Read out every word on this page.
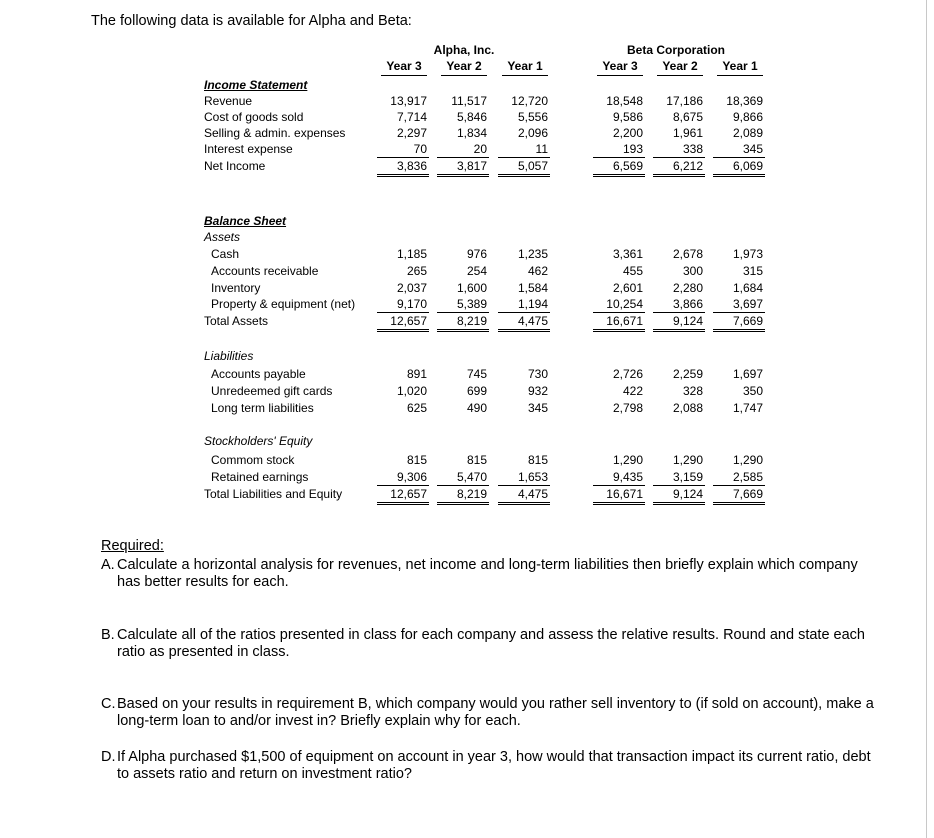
The following data is available for Alpha and Beta:
Alpha, Inc.	Beta Corporation
Income Statement
Balance Sheet
Assets
Liabilities
Stockholders' Equity
Year 3	Year 2	Year 1	Year 3	Year 2	Year 1
Revenue	13,917	11,517	12,720	18,548	17,186	18,369
Cost of goods sold	7,714	5,846	5,556	9,586	8,675	9,866
Selling & admin. expenses	2,297	1,834	2,096	2,200	1,961	2,089
Interest expense	70	20	11	193	338	345
Net Income	3,836	3,817	5,057	6,569	6,212	6,069
Cash	1,185	976	1,235	3,361	2,678	1,973
Accounts receivable	265	254	462	455	300	315
Inventory	2,037	1,600	1,584	2,601	2,280	1,684
Property & equipment (net)	9,170	5,389	1,194	10,254	3,866	3,697
Total Assets	12,657	8,219	4,475	16,671	9,124	7,669
Accounts payable	891	745	730	2,726	2,259	1,697
Unredeemed gift cards	1,020	699	932	422	328	350
Long term liabilities	625	490	345	2,798	2,088	1,747
Commom stock	815	815	815	1,290	1,290	1,290
Retained earnings	9,306	5,470	1,653	9,435	3,159	2,585
Total Liabilities and Equity	12,657	8,219	4,475	16,671	9,124	7,669
Required:
A. Calculate a horizontal analysis for revenues, net income and long-term liabilities then briefly explain which company has better results for each.
B. Calculate all of the ratios presented in class for each company and assess the relative results. Round and state each ratio as presented in class.
C. Based on your results in requirement B, which company would you rather sell inventory to (if sold on account), make a long-term loan to and/or invest in? Briefly explain why for each.
D. If Alpha purchased $1,500 of equipment on account in year 3, how would that transaction impact its current ratio, debt to assets ratio and return on investment ratio?
